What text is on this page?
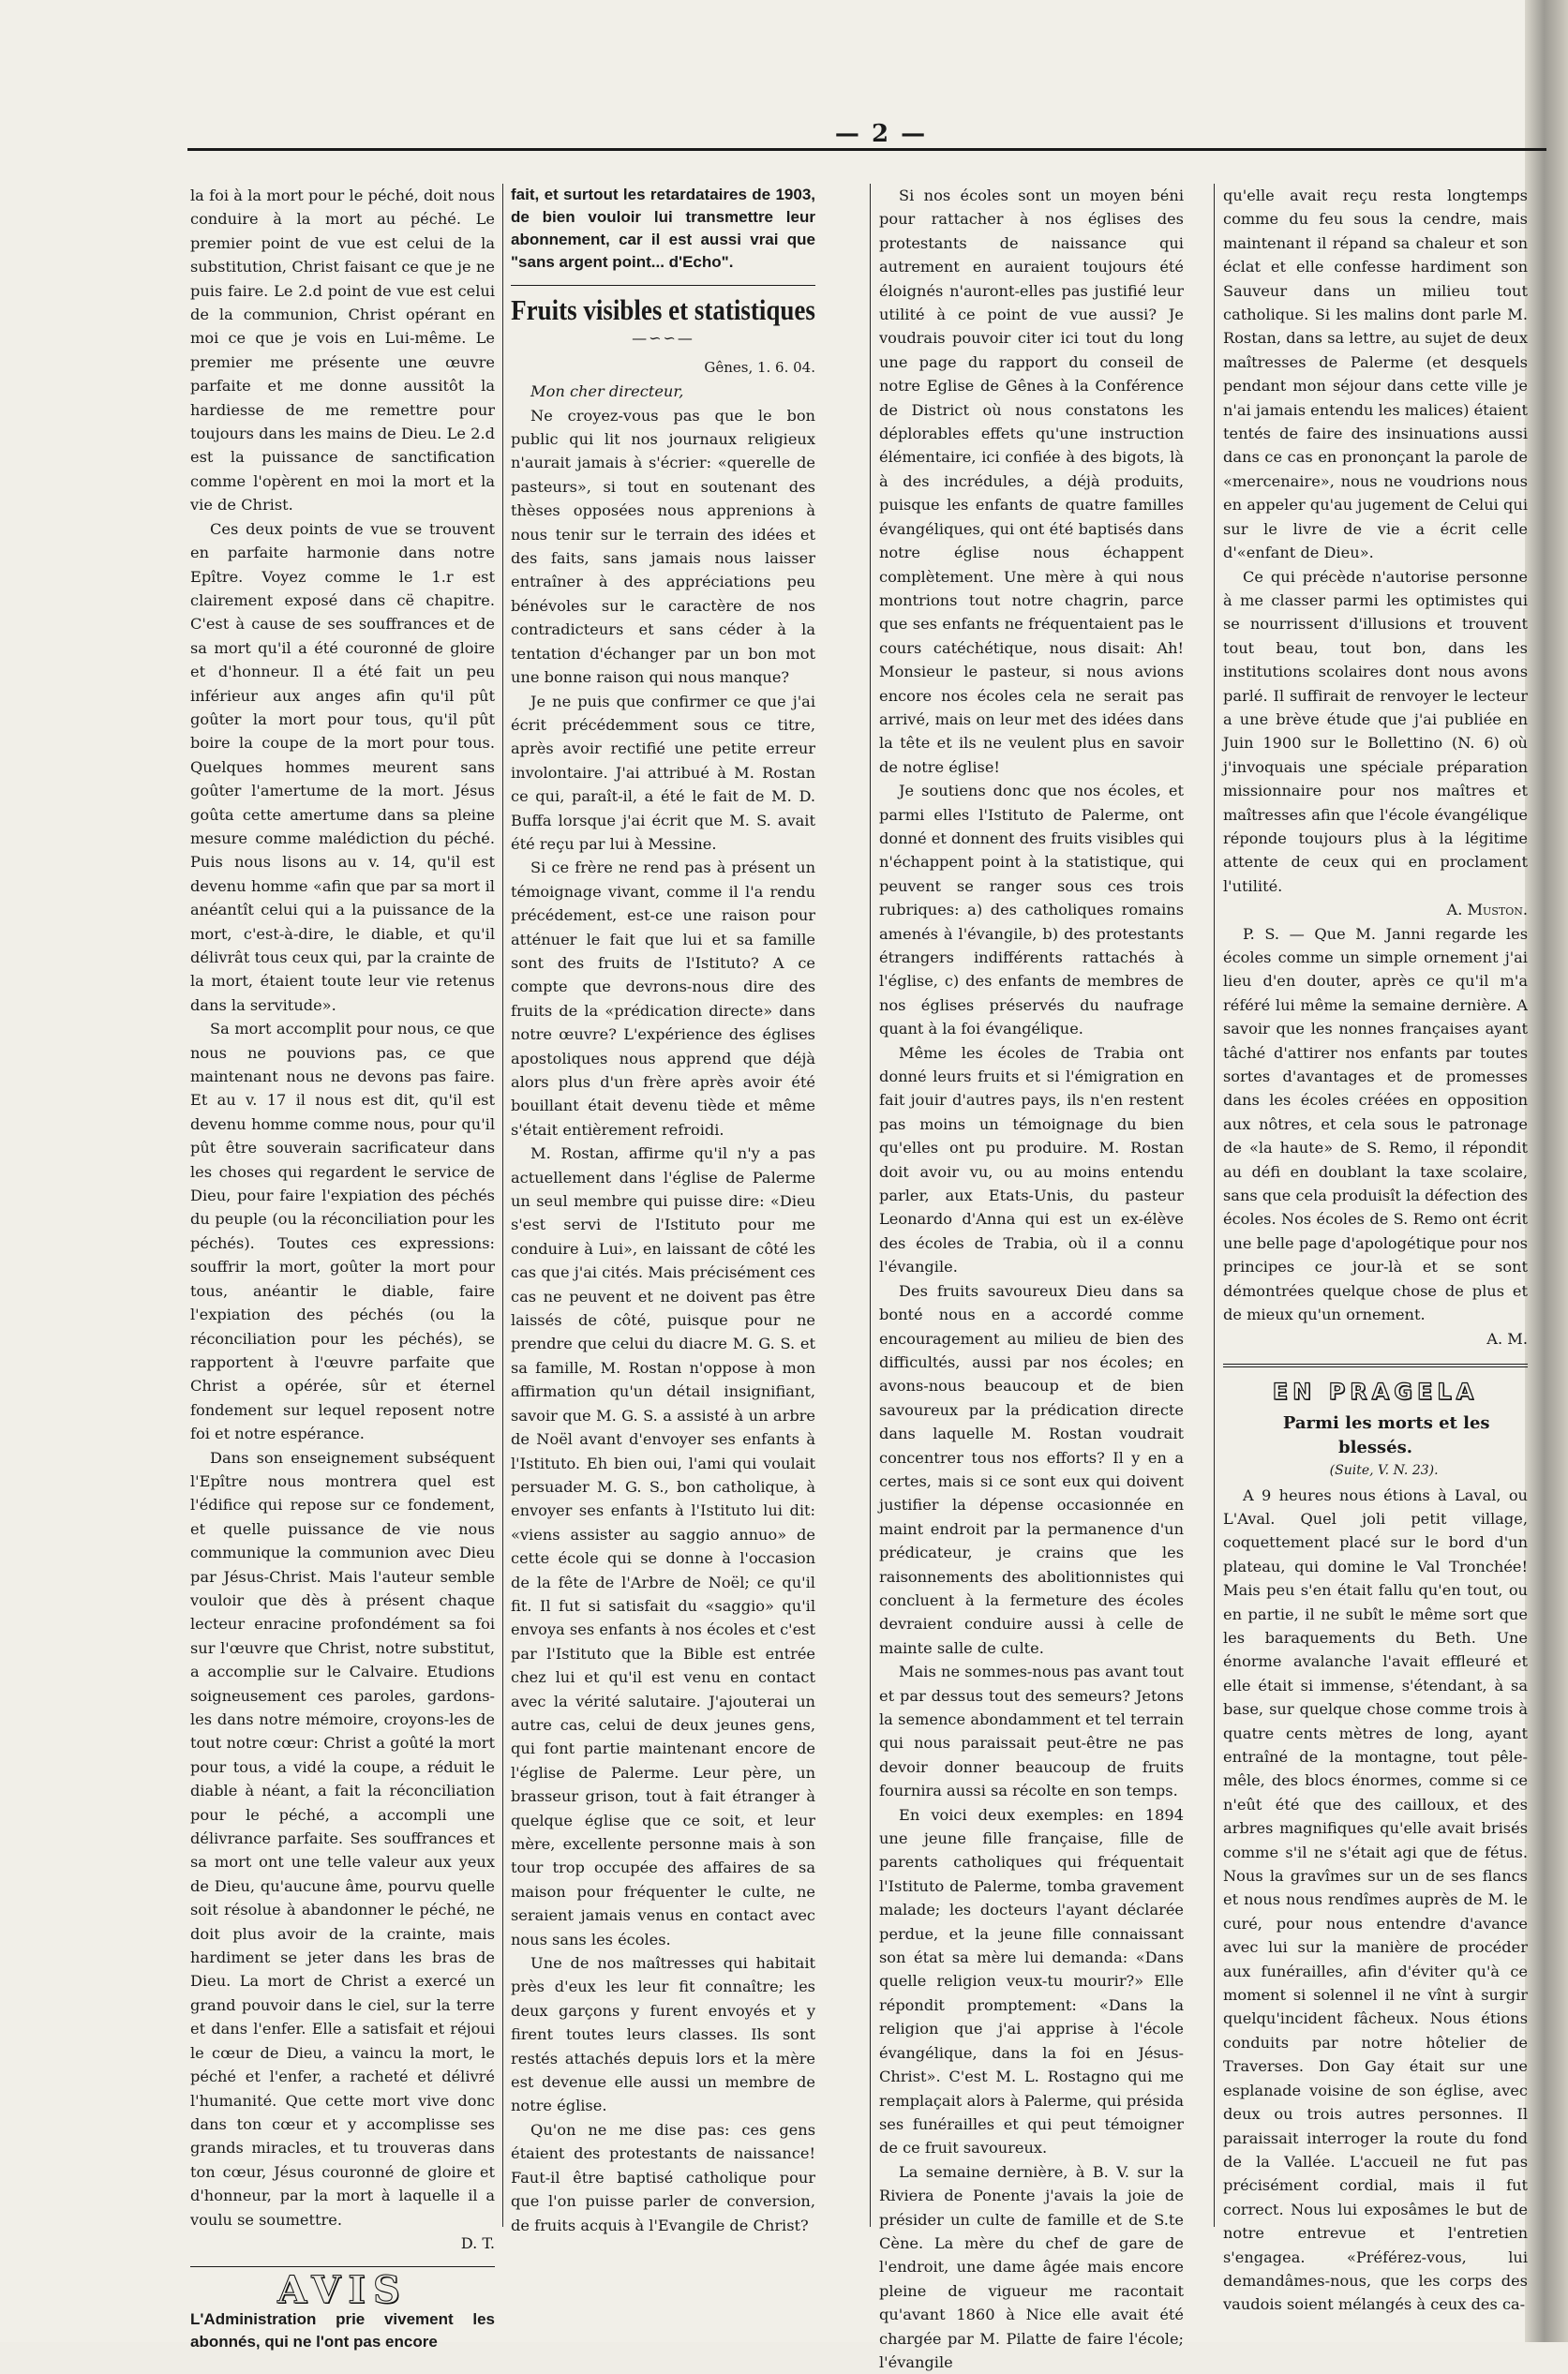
— 2 —

la foi à la mort pour le péché, doit nous conduire à la mort au péché. Le premier point de vue est celui de la substitution, Christ faisant ce que je ne puis faire. Le 2.d point de vue est celui de la communion, Christ opérant en moi ce que je vois en Lui-même. Le premier me présente une œuvre parfaite et me donne aussitôt la hardiesse de me remettre pour toujours dans les mains de Dieu. Le 2.d est la puissance de sanctification comme l'opèrent en moi la mort et la vie de Christ.

Ces deux points de vue se trouvent en parfaite harmonie dans notre Epître. Voyez comme le 1.r est clairement exposé dans cë chapitre. C'est à cause de ses souffrances et de sa mort qu'il a été couronné de gloire et d'honneur. Il a été fait un peu inférieur aux anges afin qu'il pût goûter la mort pour tous, qu'il pût boire la coupe de la mort pour tous. Quelques hommes meurent sans goûter l'amertume de la mort. Jésus goûta cette amertume dans sa pleine mesure comme malédiction du péché. Puis nous lisons au v. 14, qu'il est devenu homme «afin que par sa mort il anéantît celui qui a la puissance de la mort, c'est-à-dire, le diable, et qu'il délivrât tous ceux qui, par la crainte de la mort, étaient toute leur vie retenus dans la servitude».

Sa mort accomplit pour nous, ce que nous ne pouvions pas, ce que maintenant nous ne devons pas faire. Et au v. 17 il nous est dit, qu'il est devenu homme comme nous, pour qu'il pût être souverain sacrificateur dans les choses qui regardent le service de Dieu, pour faire l'expiation des péchés du peuple (ou la réconciliation pour les péchés). Toutes ces expressions: souffrir la mort, goûter la mort pour tous, anéantir le diable, faire l'expiation des péchés (ou la réconciliation pour les péchés), se rapportent à l'œuvre parfaite que Christ a opérée, sûr et éternel fondement sur lequel reposent notre foi et notre espérance.

Dans son enseignement subséquent l'Epître nous montrera quel est l'édifice qui repose sur ce fondement, et quelle puissance de vie nous communique la communion avec Dieu par Jésus-Christ. Mais l'auteur semble vouloir que dès à présent chaque lecteur enracine profondément sa foi sur l'œuvre que Christ, notre substitut, a accomplie sur le Calvaire. Etudions soigneusement ces paroles, gardons-les dans notre mémoire, croyons-les de tout notre cœur: Christ a goûté la mort pour tous, a vidé la coupe, a réduit le diable à néant, a fait la réconciliation pour le péché, a accompli une délivrance parfaite. Ses souffrances et sa mort ont une telle valeur aux yeux de Dieu, qu'aucune âme, pourvu quelle soit résolue à abandonner le péché, ne doit plus avoir de la crainte, mais hardiment se jeter dans les bras de Dieu. La mort de Christ a exercé un grand pouvoir dans le ciel, sur la terre et dans l'enfer. Elle a satisfait et réjoui le cœur de Dieu, a vaincu la mort, le péché et l'enfer, a racheté et délivré l'humanité. Que cette mort vive donc dans ton cœur et y accomplisse ses grands miracles, et tu trouveras dans ton cœur, Jésus couronné de gloire et d'honneur, par la mort à laquelle il a voulu se soumettre.

D. T.

AVIS
L'Administration prie vivement les abonnés, qui ne l'ont pas encore
fait, et surtout les retardataires de 1903, de bien vouloir lui transmettre leur abonnement, car il est aussi vrai que "sans argent point... d'Echo".
Fruits visibles et statistiques
—∽∽—

Gênes, 1. 6. 04.

Mon cher directeur,

Ne croyez-vous pas que le bon public qui lit nos journaux religieux n'aurait jamais à s'écrier: «querelle de pasteurs», si tout en soutenant des thèses opposées nous apprenions à nous tenir sur le terrain des idées et des faits, sans jamais nous laisser entraîner à des appréciations peu bénévoles sur le caractère de nos contradicteurs et sans céder à la tentation d'échanger par un bon mot une bonne raison qui nous manque?

Je ne puis que confirmer ce que j'ai écrit précédemment sous ce titre, après avoir rectifié une petite erreur involontaire. J'ai attribué à M. Rostan ce qui, paraît-il, a été le fait de M. D. Buffa lorsque j'ai écrit que M. S. avait été reçu par lui à Messine.

Si ce frère ne rend pas à présent un témoignage vivant, comme il l'a rendu précédement, est-ce une raison pour atténuer le fait que lui et sa famille sont des fruits de l'Istituto? A ce compte que devrons-nous dire des fruits de la «prédication directe» dans notre œuvre? L'expérience des églises apostoliques nous apprend que déjà alors plus d'un frère après avoir été bouillant était devenu tiède et même s'était entièrement refroidi.

M. Rostan, affirme qu'il n'y a pas actuellement dans l'église de Palerme un seul membre qui puisse dire: «Dieu s'est servi de l'Istituto pour me conduire à Lui», en laissant de côté les cas que j'ai cités. Mais précisément ces cas ne peuvent et ne doivent pas être laissés de côté, puisque pour ne prendre que celui du diacre M. G. S. et sa famille, M. Rostan n'oppose à mon affirmation qu'un détail insignifiant, savoir que M. G. S. a assisté à un arbre de Noël avant d'envoyer ses enfants à l'Istituto. Eh bien oui, l'ami qui voulait persuader M. G. S., bon catholique, à envoyer ses enfants à l'Istituto lui dit: «viens assister au saggio annuo» de cette école qui se donne à l'occasion de la fête de l'Arbre de Noël; ce qu'il fit. Il fut si satisfait du «saggio» qu'il envoya ses enfants à nos écoles et c'est par l'Istituto que la Bible est entrée chez lui et qu'il est venu en contact avec la vérité salutaire. J'ajouterai un autre cas, celui de deux jeunes gens, qui font partie maintenant encore de l'église de Palerme. Leur père, un brasseur grison, tout à fait étranger à quelque église que ce soit, et leur mère, excellente personne mais à son tour trop occupée des affaires de sa maison pour fréquenter le culte, ne seraient jamais venus en contact avec nous sans les écoles.

Une de nos maîtresses qui habitait près d'eux les leur fit connaître; les deux garçons y furent envoyés et y firent toutes leurs classes. Ils sont restés attachés depuis lors et la mère est devenue elle aussi un membre de notre église.

Qu'on ne me dise pas: ces gens étaient des protestants de naissance! Faut-il être baptisé catholique pour que l'on puisse parler de conversion, de fruits acquis à l'Evangile de Christ?

Si nos écoles sont un moyen béni pour rattacher à nos églises des protestants de naissance qui autrement en auraient toujours été éloignés n'auront-elles pas justifié leur utilité à ce point de vue aussi? Je voudrais pouvoir citer ici tout du long une page du rapport du conseil de notre Eglise de Gênes à la Conférence de District où nous constatons les déplorables effets qu'une instruction élémentaire, ici confiée à des bigots, là à des incrédules, a déjà produits, puisque les enfants de quatre familles évangéliques, qui ont été baptisés dans notre église nous échappent complètement. Une mère à qui nous montrions tout notre chagrin, parce que ses enfants ne fréquentaient pas le cours catéchétique, nous disait: Ah! Monsieur le pasteur, si nous avions encore nos écoles cela ne serait pas arrivé, mais on leur met des idées dans la tête et ils ne veulent plus en savoir de notre église!

Je soutiens donc que nos écoles, et parmi elles l'Istituto de Palerme, ont donné et donnent des fruits visibles qui n'échappent point à la statistique, qui peuvent se ranger sous ces trois rubriques: a) des catholiques romains amenés à l'évangile, b) des protestants étrangers indifférents rattachés à l'église, c) des enfants de membres de nos églises préservés du naufrage quant à la foi évangélique.

Même les écoles de Trabia ont donné leurs fruits et si l'émigration en fait jouir d'autres pays, ils n'en restent pas moins un témoignage du bien qu'elles ont pu produire. M. Rostan doit avoir vu, ou au moins entendu parler, aux Etats-Unis, du pasteur Leonardo d'Anna qui est un ex-élève des écoles de Trabia, où il a connu l'évangile.

Des fruits savoureux Dieu dans sa bonté nous en a accordé comme encouragement au milieu de bien des difficultés, aussi par nos écoles; en avons-nous beaucoup et de bien savoureux par la prédication directe dans laquelle M. Rostan voudrait concentrer tous nos efforts? Il y en a certes, mais si ce sont eux qui doivent justifier la dépense occasionnée en maint endroit par la permanence d'un prédicateur, je crains que les raisonnements des abolitionnistes qui concluent à la fermeture des écoles devraient conduire aussi à celle de mainte salle de culte.

Mais ne sommes-nous pas avant tout et par dessus tout des semeurs? Jetons la semence abondamment et tel terrain qui nous paraissait peut-être ne pas devoir donner beaucoup de fruits fournira aussi sa récolte en son temps.

En voici deux exemples: en 1894 une jeune fille française, fille de parents catholiques qui fréquentait l'Istituto de Palerme, tomba gravement malade; les docteurs l'ayant déclarée perdue, et la jeune fille connaissant son état sa mère lui demanda: «Dans quelle religion veux-tu mourir?» Elle répondit promptement: «Dans la religion que j'ai apprise à l'école évangélique, dans la foi en Jésus-Christ». C'est M. L. Rostagno qui me remplaçait alors à Palerme, qui présida ses funérailles et qui peut témoigner de ce fruit savoureux.

La semaine dernière, à B. V. sur la Riviera de Ponente j'avais la joie de présider un culte de famille et de S.te Cène. La mère du chef de gare de l'endroit, une dame âgée mais encore pleine de vigueur me racontait qu'avant 1860 à Nice elle avait été chargée par M. Pilatte de faire l'école; l'évangile

qu'elle avait reçu resta longtemps comme du feu sous la cendre, mais maintenant il répand sa chaleur et son éclat et elle confesse hardiment son Sauveur dans un milieu tout catholique. Si les malins dont parle M. Rostan, dans sa lettre, au sujet de deux maîtresses de Palerme (et desquels pendant mon séjour dans cette ville je n'ai jamais entendu les malices) étaient tentés de faire des insinuations aussi dans ce cas en prononçant la parole de «mercenaire», nous ne voudrions nous en appeler qu'au jugement de Celui qui sur le livre de vie a écrit celle d'«enfant de Dieu».

Ce qui précède n'autorise personne à me classer parmi les optimistes qui se nourrissent d'illusions et trouvent tout beau, tout bon, dans les institutions scolaires dont nous avons parlé. Il suffirait de renvoyer le lecteur a une brève étude que j'ai publiée en Juin 1900 sur le Bollettino (N. 6) où j'invoquais une spéciale préparation missionnaire pour nos maîtres et maîtresses afin que l'école évangélique réponde toujours plus à la légitime attente de ceux qui en proclament l'utilité.

A. Muston.

P. S. — Que M. Janni regarde les écoles comme un simple ornement j'ai lieu d'en douter, après ce qu'il m'a référé lui même la semaine dernière. A savoir que les nonnes françaises ayant tâché d'attirer nos enfants par toutes sortes d'avantages et de promesses dans les écoles créées en opposition aux nôtres, et cela sous le patronage de «la haute» de S. Remo, il répondit au défi en doublant la taxe scolaire, sans que cela produisît la défection des écoles. Nos écoles de S. Remo ont écrit une belle page d'apologétique pour nos principes ce jour-là et se sont démontrées quelque chose de plus et de mieux qu'un ornement.

A. M.

EN PRAGELA

Parmi les morts et les blessés.

(Suite, V. N. 23).

A 9 heures nous étions à Laval, ou L'Aval. Quel joli petit village, coquettement placé sur le bord d'un plateau, qui domine le Val Tronchée! Mais peu s'en était fallu qu'en tout, ou en partie, il ne subît le même sort que les baraquements du Beth. Une énorme avalanche l'avait effleuré et elle était si immense, s'étendant, à sa base, sur quelque chose comme trois à quatre cents mètres de long, ayant entraîné de la montagne, tout pêle-mêle, des blocs énormes, comme si ce n'eût été que des cailloux, et des arbres magnifiques qu'elle avait brisés comme s'il ne s'était agi que de fétus. Nous la gravîmes sur un de ses flancs et nous nous rendîmes auprès de M. le curé, pour nous entendre d'avance avec lui sur la manière de procéder aux funérailles, afin d'éviter qu'à ce moment si solennel il ne vînt à surgir quelqu'incident fâcheux. Nous étions conduits par notre hôtelier de Traverses. Don Gay était sur une esplanade voisine de son église, avec deux ou trois autres personnes. Il paraissait interroger la route du fond de la Vallée. L'accueil ne fut pas précisément cordial, mais il fut correct. Nous lui exposâmes le but de notre entrevue et l'entretien s'engagea. «Préférez-vous, lui demandâmes-nous, que les corps des vaudois soient mélangés à ceux des ca-
